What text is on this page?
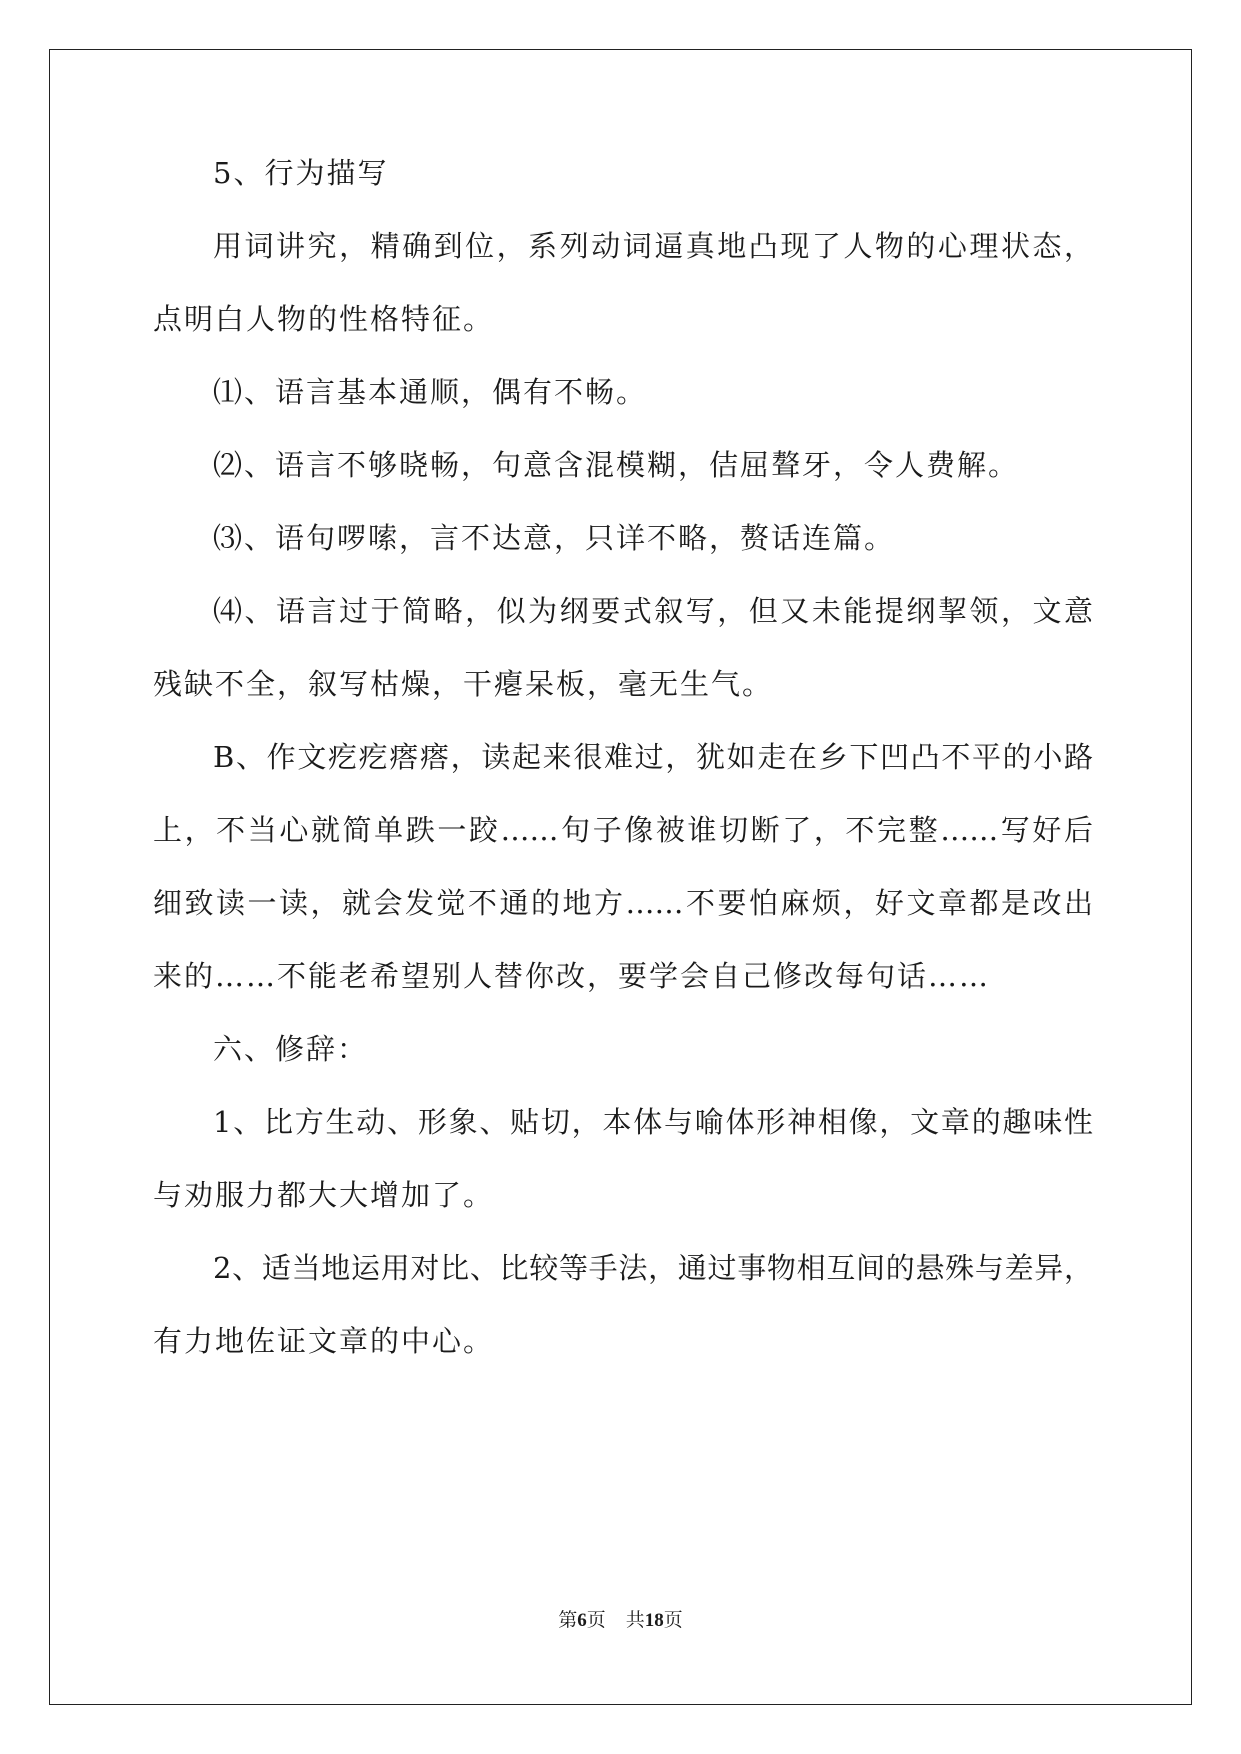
5、行为描写
用词讲究，精确到位，系列动词逼真地凸现了人物的心理状态，
点明白人物的性格特征。
⑴、语言基本通顺，偶有不畅。
⑵、语言不够晓畅，句意含混模糊，佶屈聱牙，令人费解。
⑶、语句啰嗦，言不达意，只详不略，赘话连篇。
⑷、语言过于简略，似为纲要式叙写，但又未能提纲挈领，文意
残缺不全，叙写枯燥，干瘪呆板，毫无生气。
B、作文疙疙瘩瘩，读起来很难过，犹如走在乡下凹凸不平的小路
上，不当心就简单跌一跤……句子像被谁切断了，不完整……写好后
细致读一读，就会发觉不通的地方……不要怕麻烦，好文章都是改出
来的……不能老希望别人替你改，要学会自己修改每句话……
六、修辞：
1、比方生动、形象、贴切，本体与喻体形神相像，文章的趣味性
与劝服力都大大增加了。
2、适当地运用对比、比较等手法，通过事物相互间的悬殊与差异，
有力地佐证文章的中心。
第6页 共18页
